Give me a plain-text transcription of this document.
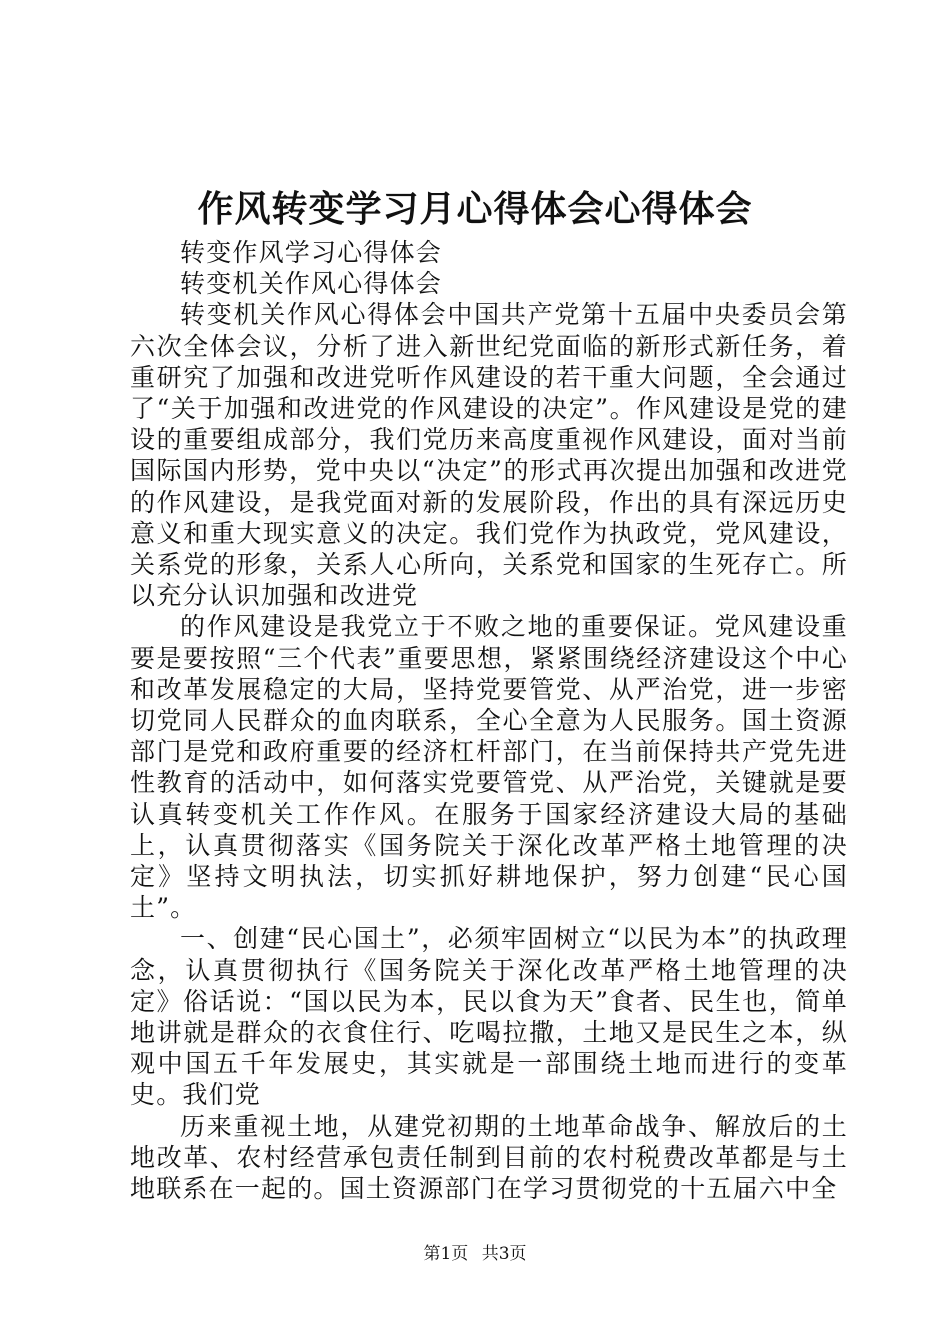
作风转变学习月心得体会心得体会

转变作风学习心得体会

转变机关作风心得体会

转变机关作风心得体会中国共产党第十五届中央委员会第六次全体会议，分析了进入新世纪党面临的新形式新任务，着重研究了加强和改进党听作风建设的若干重大问题，全会通过了“关于加强和改进党的作风建设的决定”。作风建设是党的建设的重要组成部分，我们党历来高度重视作风建设，面对当前国际国内形势，党中央以“决定”的形式再次提出加强和改进党的作风建设，是我党面对新的发展阶段，作出的具有深远历史意义和重大现实意义的决定。我们党作为执政党，党风建设，关系党的形象，关系人心所向，关系党和国家的生死存亡。所以充分认识加强和改进党

的作风建设是我党立于不败之地的重要保证。党风建设重要是要按照“三个代表”重要思想，紧紧围绕经济建设这个中心和改革发展稳定的大局，坚持党要管党、从严治党，进一步密切党同人民群众的血肉联系，全心全意为人民服务。国土资源部门是党和政府重要的经济杠杆部门，在当前保持共产党先进性教育的活动中，如何落实党要管党、从严治党，关键就是要认真转变机关工作作风。在服务于国家经济建设大局的基础上，认真贯彻落实《国务院关于深化改革严格土地管理的决定》坚持文明执法，切实抓好耕地保护，努力创建“民心国土”。

一、创建“民心国土”，必须牢固树立“以民为本”的执政理念，认真贯彻执行《国务院关于深化改革严格土地管理的决定》俗话说：“国以民为本，民以食为天”食者、民生也，简单地讲就是群众的衣食住行、吃喝拉撒，土地又是民生之本，纵观中国五千年发展史，其实就是一部围绕土地而进行的变革史。我们党

历来重视土地，从建党初期的土地革命战争、解放后的土地改革、农村经营承包责任制到目前的农村税费改革都是与土地联系在一起的。国土资源部门在学习贯彻党的十五届六中全

第1页 共3页
